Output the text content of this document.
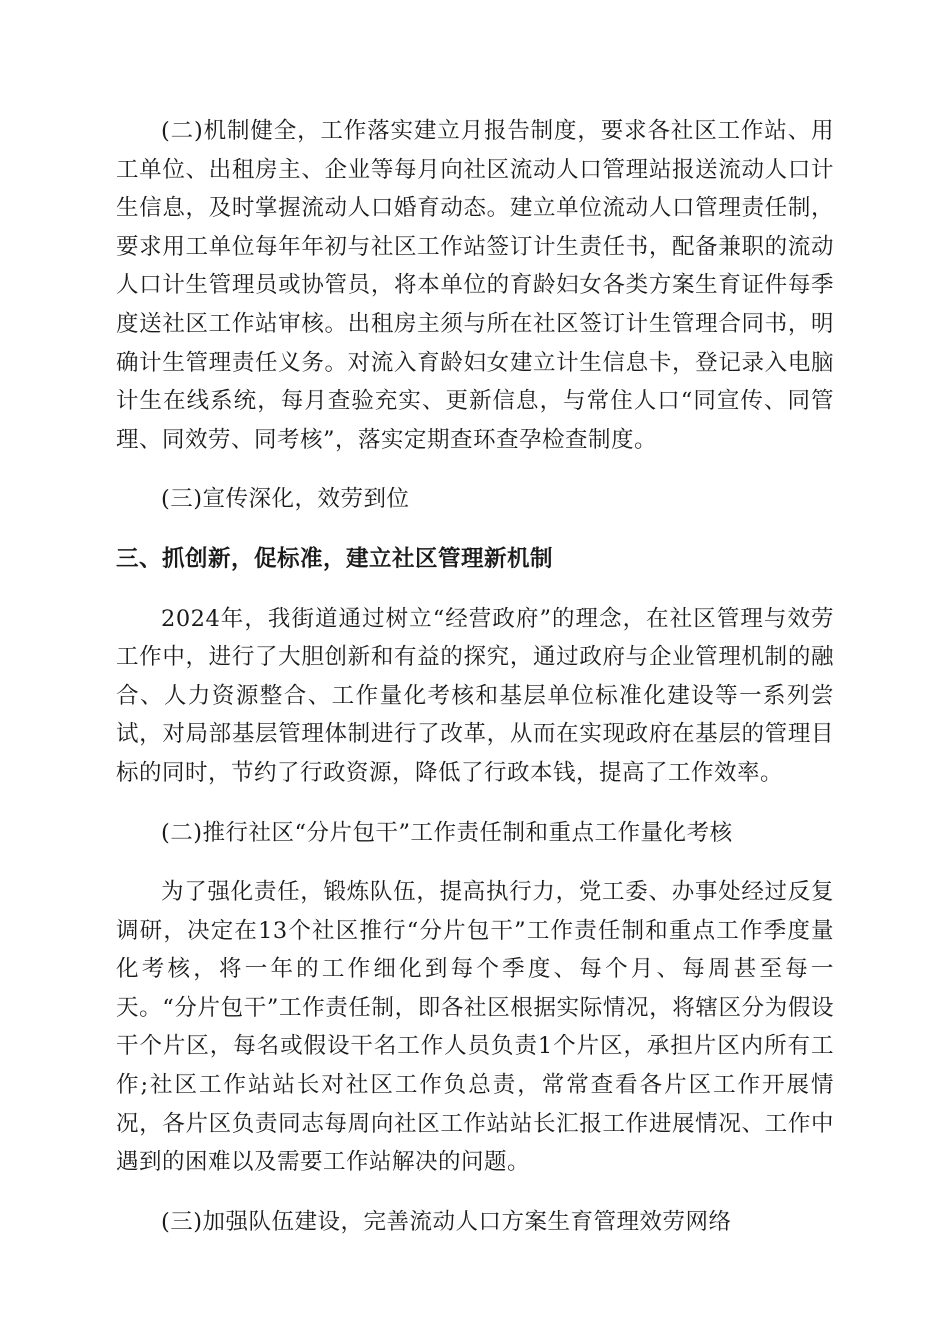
(二)机制健全，工作落实建立月报告制度，要求各社区工作站、用工单位、出租房主、企业等每月向社区流动人口管理站报送流动人口计生信息，及时掌握流动人口婚育动态。建立单位流动人口管理责任制，要求用工单位每年年初与社区工作站签订计生责任书，配备兼职的流动人口计生管理员或协管员，将本单位的育龄妇女各类方案生育证件每季度送社区工作站审核。出租房主须与所在社区签订计生管理合同书，明确计生管理责任义务。对流入育龄妇女建立计生信息卡，登记录入电脑计生在线系统，每月查验充实、更新信息，与常住人口“同宣传、同管理、同效劳、同考核”，落实定期查环查孕检查制度。

(三)宣传深化，效劳到位

三、抓创新，促标准，建立社区管理新机制

2024年，我街道通过树立“经营政府”的理念，在社区管理与效劳工作中，进行了大胆创新和有益的探究，通过政府与企业管理机制的融合、人力资源整合、工作量化考核和基层单位标准化建设等一系列尝试，对局部基层管理体制进行了改革，从而在实现政府在基层的管理目标的同时，节约了行政资源，降低了行政本钱，提高了工作效率。

(二)推行社区“分片包干”工作责任制和重点工作量化考核

为了强化责任，锻炼队伍，提高执行力，党工委、办事处经过反复调研，决定在13个社区推行“分片包干”工作责任制和重点工作季度量化考核，将一年的工作细化到每个季度、每个月、每周甚至每一天。“分片包干”工作责任制，即各社区根据实际情况，将辖区分为假设干个片区，每名或假设干名工作人员负责1个片区，承担片区内所有工作;社区工作站站长对社区工作负总责，常常查看各片区工作开展情况，各片区负责同志每周向社区工作站站长汇报工作进展情况、工作中遇到的困难以及需要工作站解决的问题。

(三)加强队伍建设，完善流动人口方案生育管理效劳网络
